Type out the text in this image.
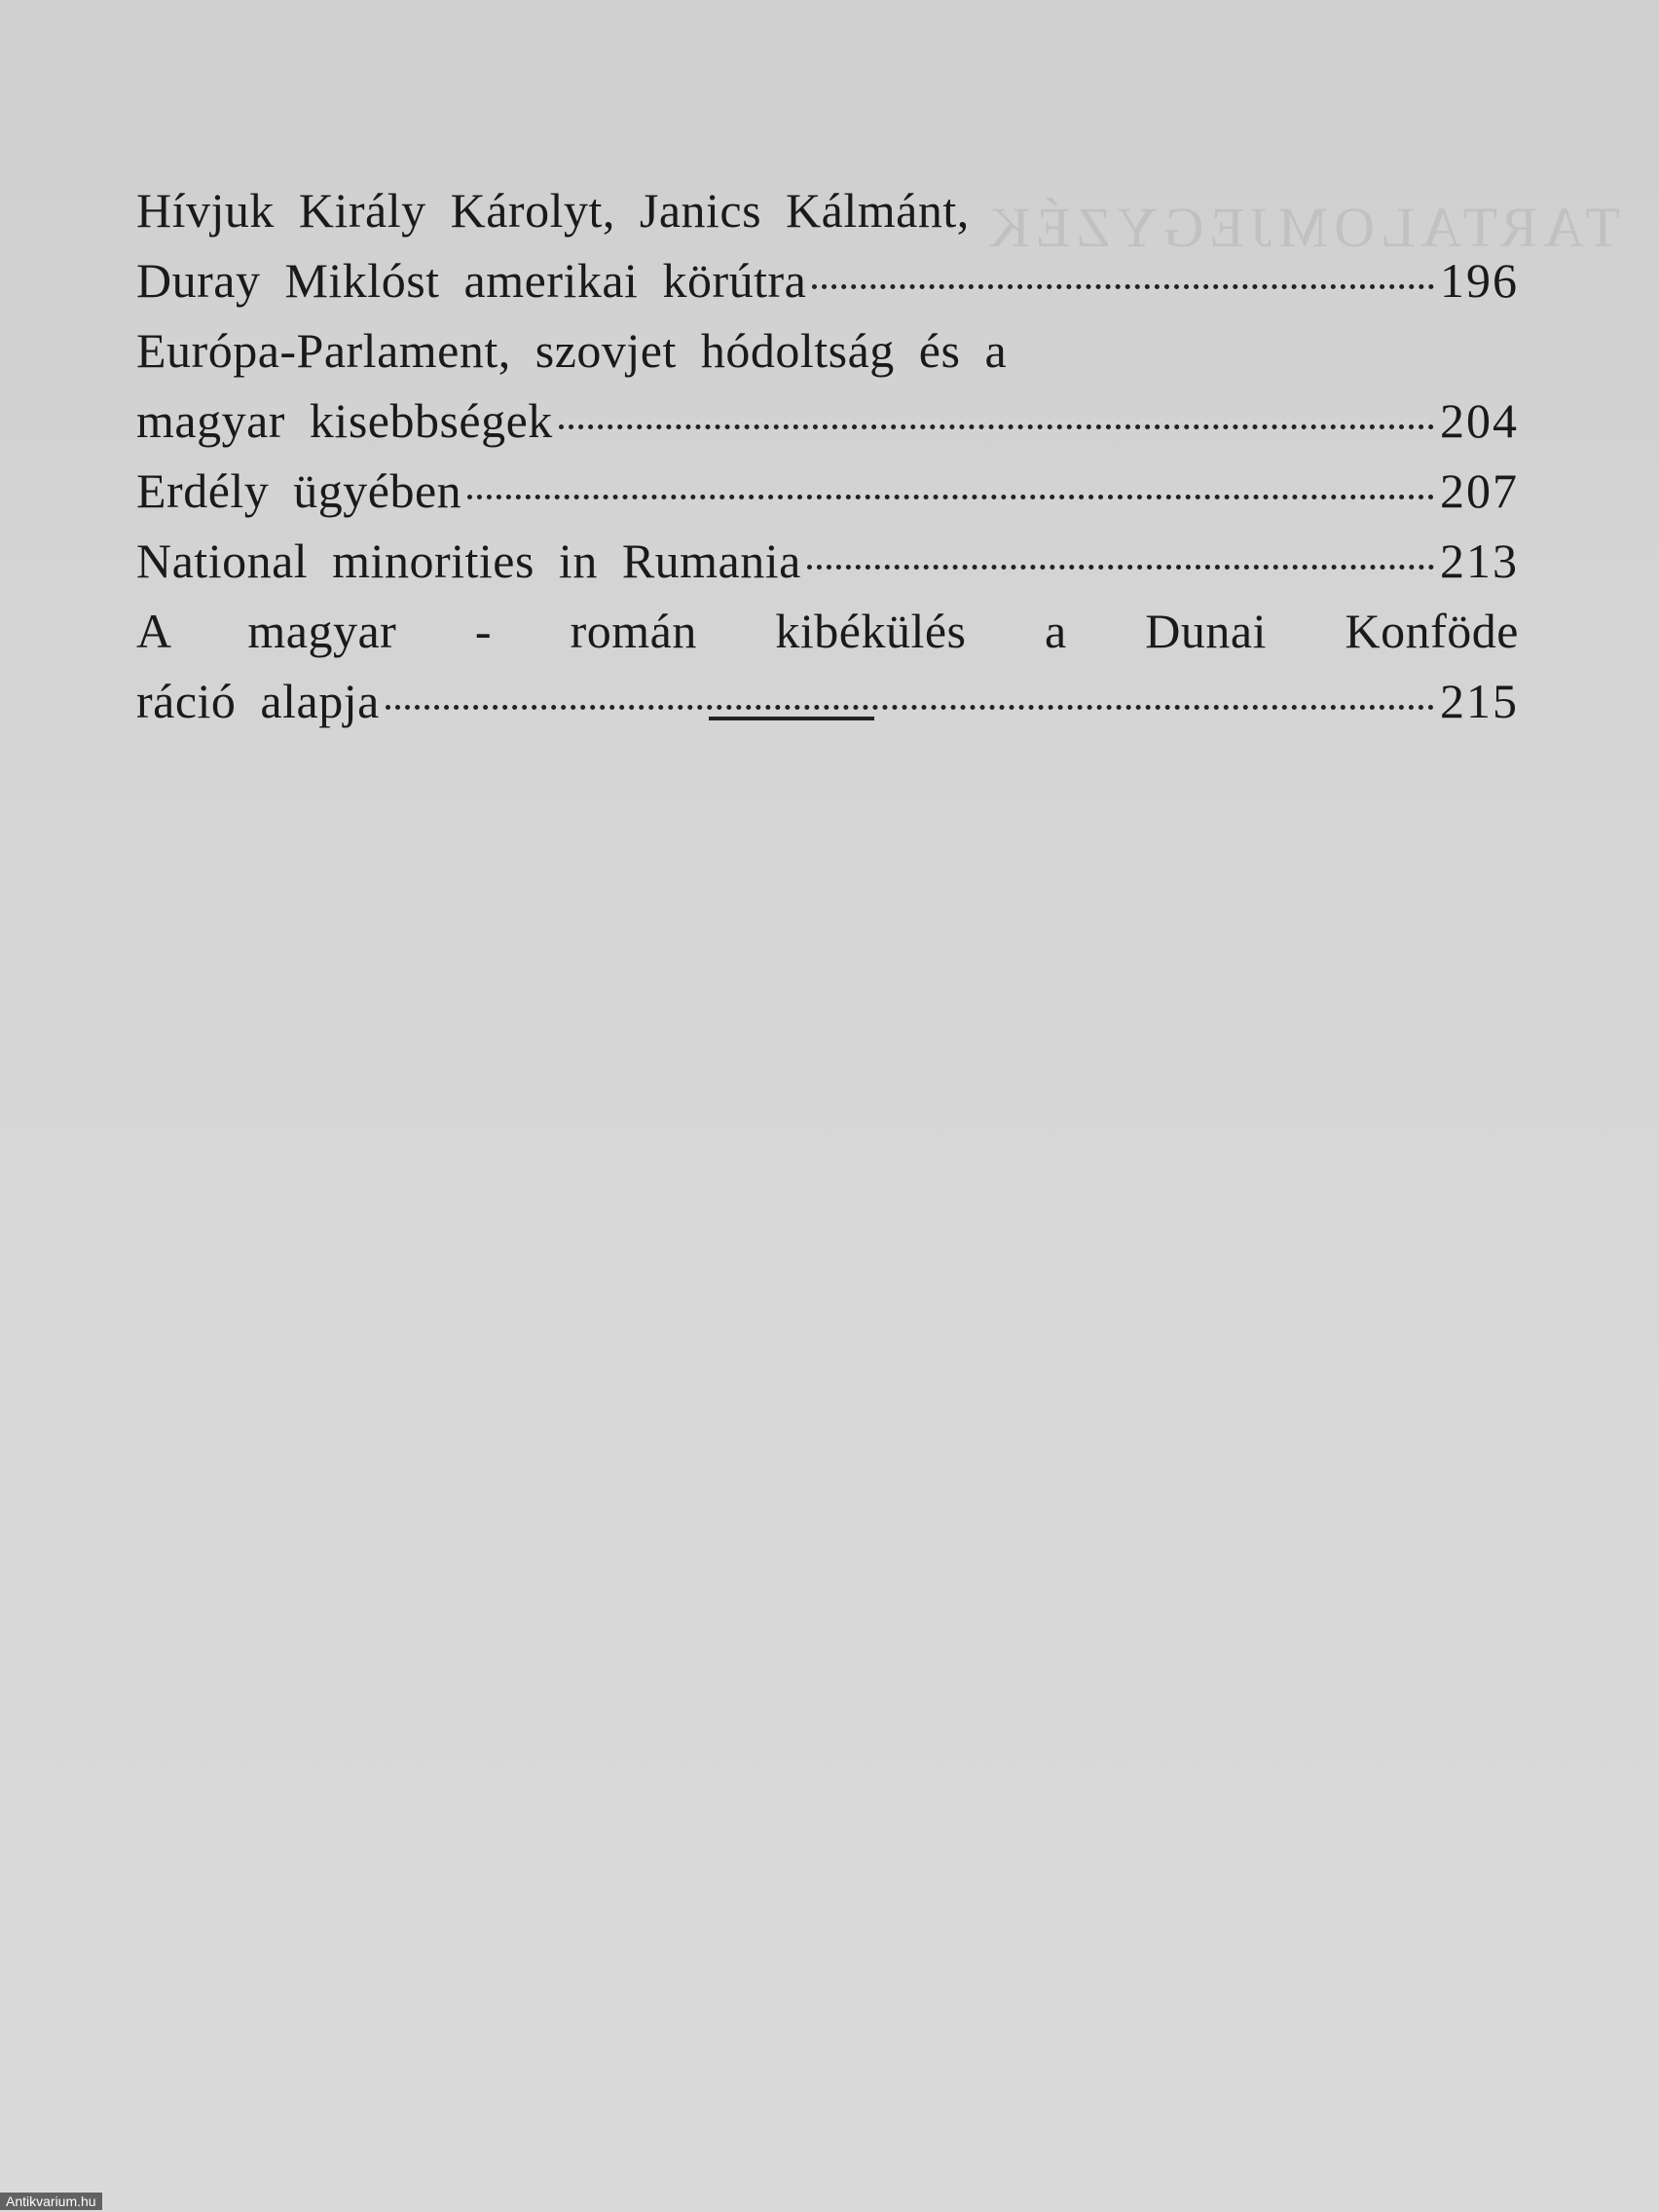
TARTALOMJEGYZÉK
Hívjuk Király Károlyt, Janics Kálmánt,
Duray Miklóst amerikai körútra	196
Európa-Parlament, szovjet hódoltság és a
magyar kisebbségek	204
Erdély ügyében	207
National minorities in Rumania	213
A magyar - román kibékülés a Dunai Konföde
ráció alapja	215
Antikvarium.hu
